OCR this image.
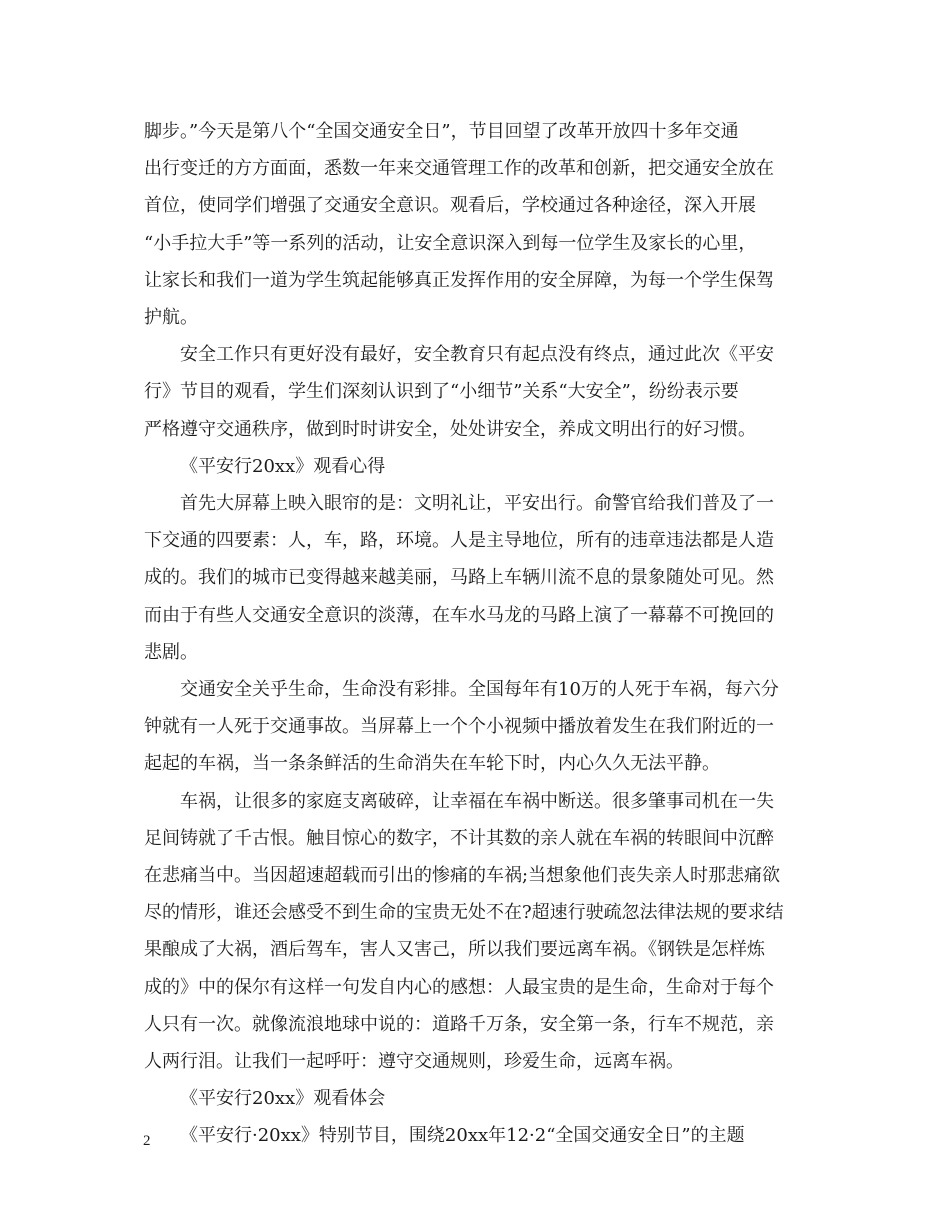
脚步。”今天是第八个“全国交通安全日”，节目回望了改革开放四十多年交通
出行变迁的方方面面，悉数一年来交通管理工作的改革和创新，把交通安全放在
首位，使同学们增强了交通安全意识。观看后，学校通过各种途径，深入开展
“小手拉大手”等一系列的活动，让安全意识深入到每一位学生及家长的心里，
让家长和我们一道为学生筑起能够真正发挥作用的安全屏障，为每一个学生保驾
护航。
安全工作只有更好没有最好，安全教育只有起点没有终点，通过此次《平安
行》节目的观看，学生们深刻认识到了“小细节”关系“大安全”，纷纷表示要
严格遵守交通秩序，做到时时讲安全，处处讲安全，养成文明出行的好习惯。
《平安行20xx》观看心得
首先大屏幕上映入眼帘的是：文明礼让，平安出行。俞警官给我们普及了一
下交通的四要素：人，车，路，环境。人是主导地位，所有的违章违法都是人造
成的。我们的城市已变得越来越美丽，马路上车辆川流不息的景象随处可见。然
而由于有些人交通安全意识的淡薄，在车水马龙的马路上演了一幕幕不可挽回的
悲剧。
交通安全关乎生命，生命没有彩排。全国每年有10万的人死于车祸，每六分
钟就有一人死于交通事故。当屏幕上一个个小视频中播放着发生在我们附近的一
起起的车祸，当一条条鲜活的生命消失在车轮下时，内心久久无法平静。
车祸，让很多的家庭支离破碎，让幸福在车祸中断送。很多肇事司机在一失
足间铸就了千古恨。触目惊心的数字，不计其数的亲人就在车祸的转眼间中沉醉
在悲痛当中。当因超速超载而引出的惨痛的车祸;当想象他们丧失亲人时那悲痛欲
尽的情形，谁还会感受不到生命的宝贵无处不在?超速行驶疏忽法律法规的要求结
果酿成了大祸，酒后驾车，害人又害己，所以我们要远离车祸。《钢铁是怎样炼
成的》中的保尔有这样一句发自内心的感想：人最宝贵的是生命，生命对于每个
人只有一次。就像流浪地球中说的：道路千万条，安全第一条，行车不规范，亲
人两行泪。让我们一起呼吁：遵守交通规则，珍爱生命，远离车祸。
《平安行20xx》观看体会
《平安行·20xx》特别节目，围绕20xx年12·2“全国交通安全日”的主题
2
